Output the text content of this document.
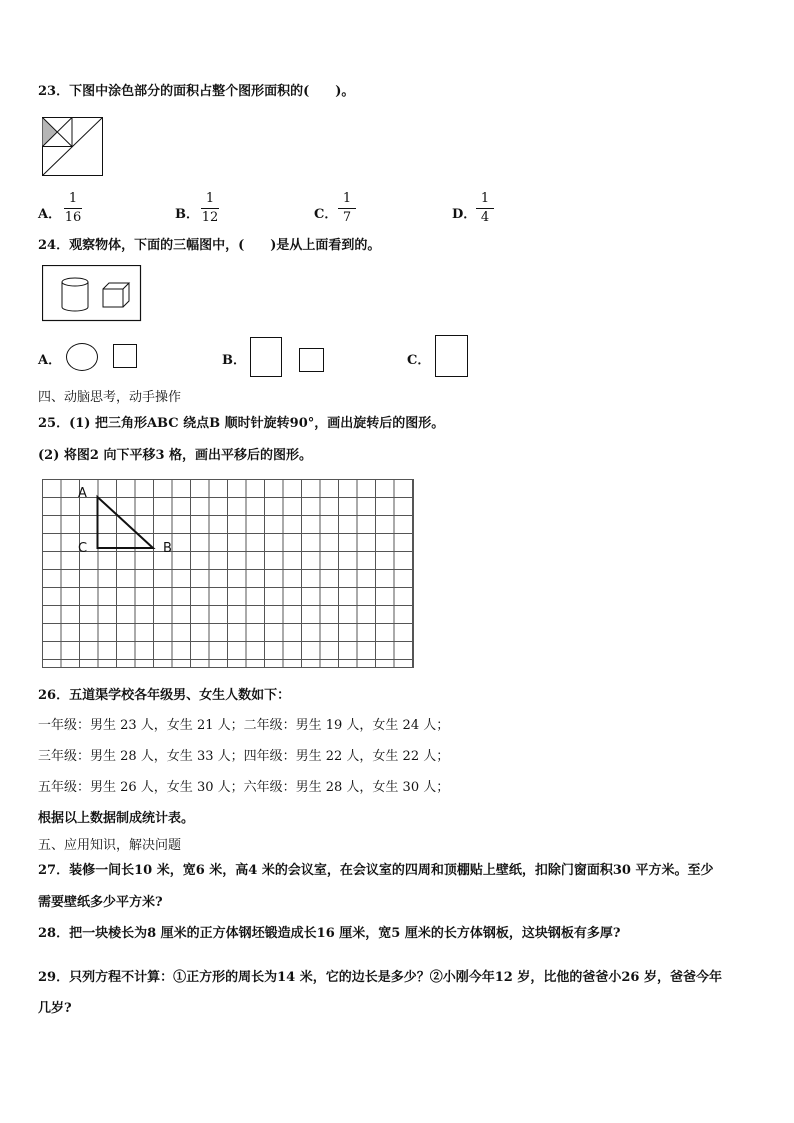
23．下图中涂色部分的面积占整个图形面积的(　　)。
A．
1
16	B．
1
12	C．
1
7	D．
1
4
24．观察物体，下面的三幅图中，(　　)是从上面看到的。
A．	B．	C．
四、动脑思考，动手操作
25．(1) 把三角形ABC 绕点B 顺时针旋转90°，画出旋转后的图形。
(2) 将图2 向下平移3 格，画出平移后的图形。
A
C	B
26．五道渠学校各年级男、女生人数如下：
一年级：男生 23 人，女生 21 人；二年级：男生 19 人，女生 24 人；
三年级：男生 28 人，女生 33 人；四年级：男生 22 人，女生 22 人；
五年级：男生 26 人，女生 30 人；六年级：男生 28 人，女生 30 人；
根据以上数据制成统计表。
五、应用知识，解决问题
27．装修一间长10 米，宽6 米，高4 米的会议室，在会议室的四周和顶棚贴上壁纸，扣除门窗面积30 平方米。至少
需要壁纸多少平方米?
28．把一块棱长为8 厘米的正方体钢坯锻造成长16 厘米，宽5 厘米的长方体钢板，这块钢板有多厚?
29．只列方程不计算：①正方形的周长为14 米，它的边长是多少？②小刚今年12 岁，比他的爸爸小26 岁，爸爸今年
几岁?
